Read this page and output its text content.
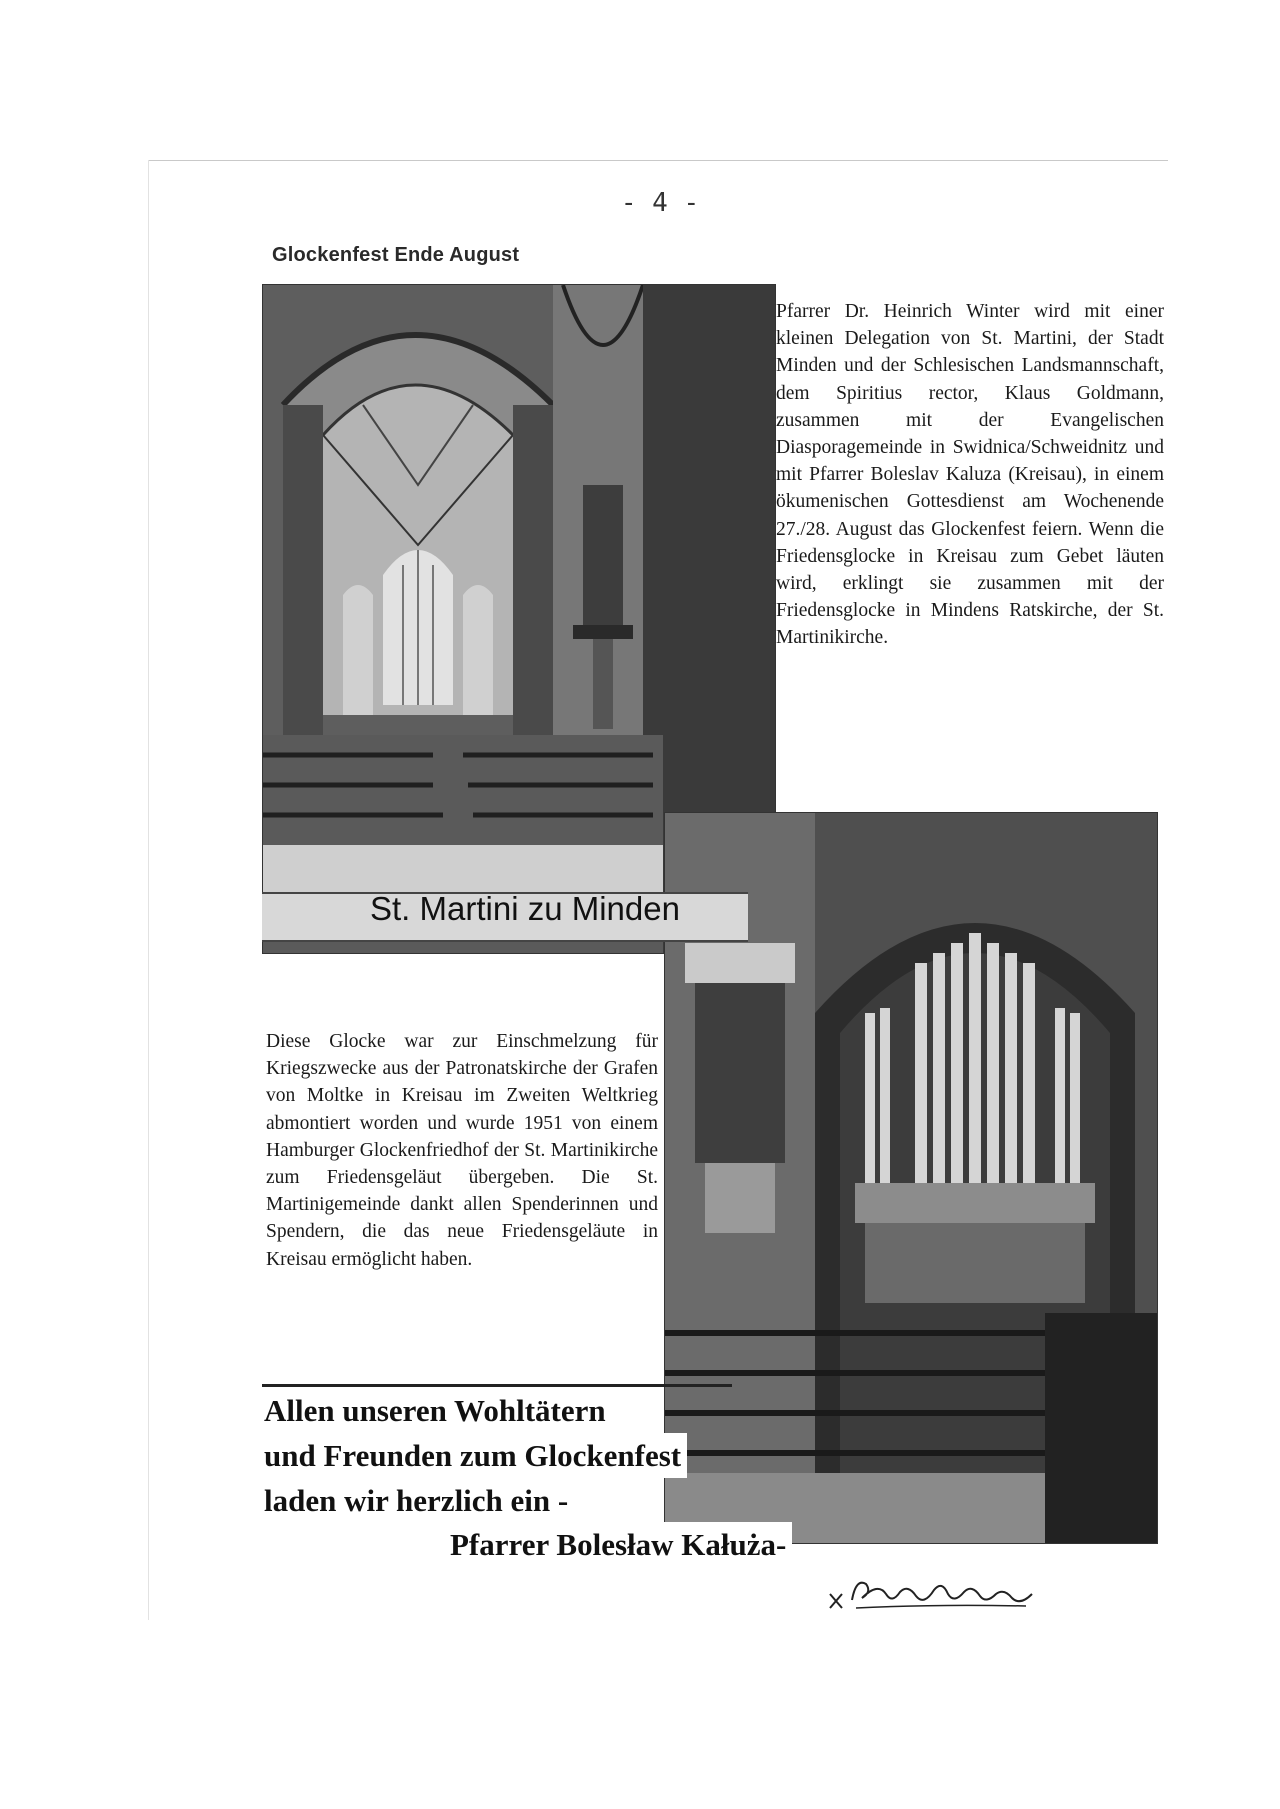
- 4 -
Glockenfest Ende August
St. Martini zu Minden

Pfarrer Dr. Heinrich Winter wird mit einer kleinen Delegation von St. Martini, der Stadt Minden und der Schlesischen Landsmannschaft, dem Spiritius rector, Klaus Goldmann, zusammen mit der Evangelischen Diasporagemeinde in Swidnica/Schweidnitz und mit Pfarrer Boleslav Kaluza (Kreisau), in einem ökumenischen Gottesdienst am Wochenende 27./28. August das Glockenfest feiern. Wenn die Friedensglocke in Kreisau zum Gebet läuten wird, erklingt sie zusammen mit der Friedensglocke in Mindens Ratskirche, der St. Martinikirche.

Diese Glocke war zur Einschmelzung für Kriegszwecke aus der Patronatskirche der Grafen von Moltke in Kreisau im Zweiten Weltkrieg abmontiert worden und wurde 1951 von einem Hamburger Glockenfriedhof der St. Martinikirche zum Friedensgeläut übergeben. Die St. Martinigemeinde dankt allen Spenderinnen und Spendern, die das neue Friedensgeläute in Kreisau ermöglicht haben.

Allen unseren Wohltätern
und Freunden zum Glockenfest
laden wir herzlich ein -
Pfarrer Bolesław Kałuża-
